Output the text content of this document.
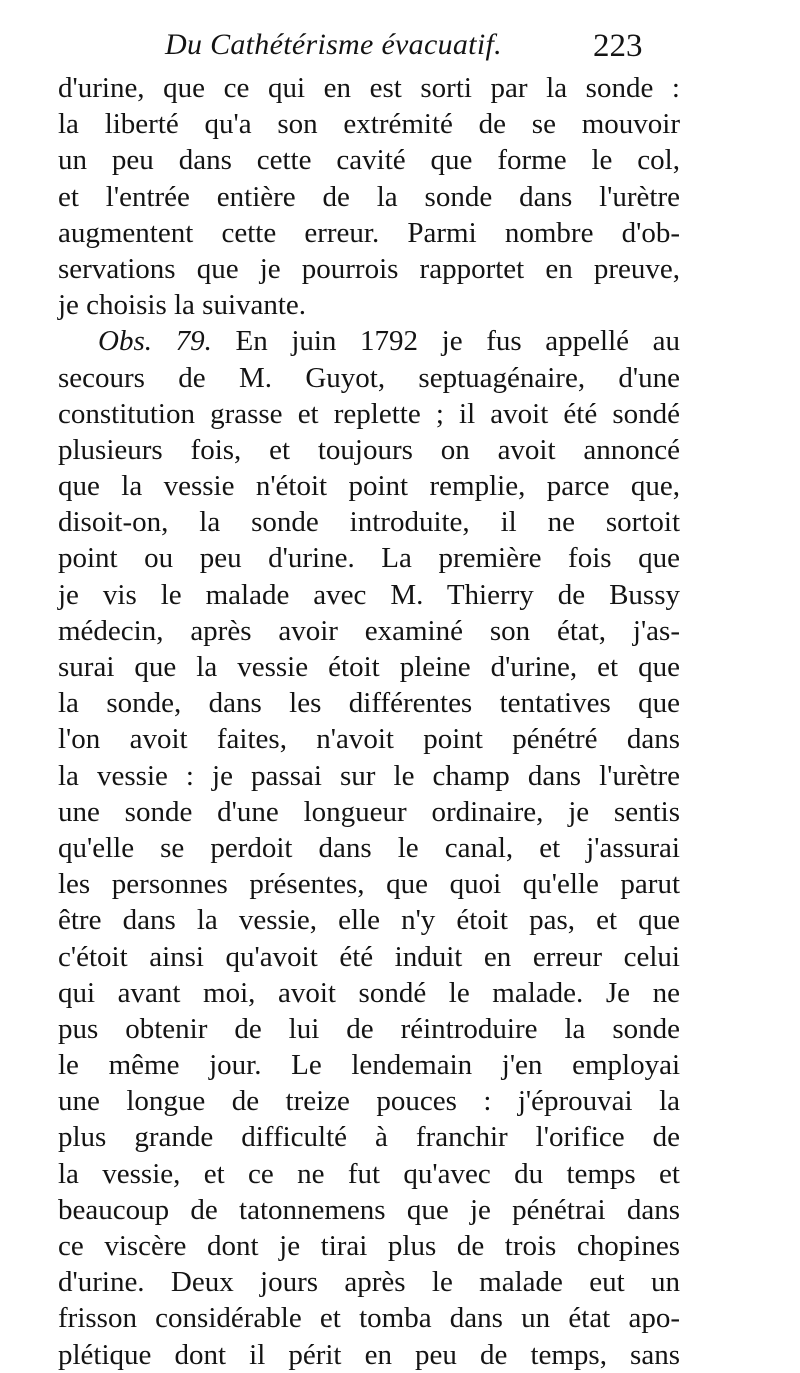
Du Cathétérisme évacuatif.	223
d'urine, que ce qui en est sorti par la sonde :
la liberté qu'a son extrémité de se mouvoir
un peu dans cette cavité que forme le col,
et l'entrée entière de la sonde dans l'urètre
augmentent cette erreur. Parmi nombre d'ob-
servations que je pourrois rapportet en preuve,
je choisis la suivante.
Obs. 79. En juin 1792 je fus appellé au
secours de M. Guyot, septuagénaire, d'une
constitution grasse et replette ; il avoit été sondé
plusieurs fois, et toujours on avoit annoncé
que la vessie n'étoit point remplie, parce que,
disoit-on, la sonde introduite, il ne sortoit
point ou peu d'urine. La première fois que
je vis le malade avec M. Thierry de Bussy
médecin, après avoir examiné son état, j'as-
surai que la vessie étoit pleine d'urine, et que
la sonde, dans les différentes tentatives que
l'on avoit faites, n'avoit point pénétré dans
la vessie : je passai sur le champ dans l'urètre
une sonde d'une longueur ordinaire, je sentis
qu'elle se perdoit dans le canal, et j'assurai
les personnes présentes, que quoi qu'elle parut
être dans la vessie, elle n'y étoit pas, et que
c'étoit ainsi qu'avoit été induit en erreur celui
qui avant moi, avoit sondé le malade. Je ne
pus obtenir de lui de réintroduire la sonde
le même jour. Le lendemain j'en employai
une longue de treize pouces : j'éprouvai la
plus grande difficulté à franchir l'orifice de
la vessie, et ce ne fut qu'avec du temps et
beaucoup de tatonnemens que je pénétrai dans
ce viscère dont je tirai plus de trois chopines
d'urine. Deux jours après le malade eut un
frisson considérable et tomba dans un état apo-
plétique dont il périt en peu de temps, sans
